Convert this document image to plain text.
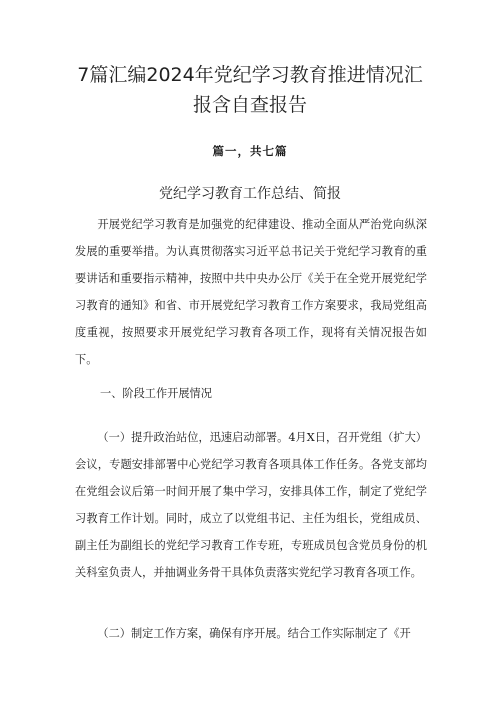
7篇汇编2024年党纪学习教育推进情况汇
报含自查报告
篇一，共七篇
党纪学习教育工作总结、简报

开展党纪学习教育是加强党的纪律建设、推动全面从严治党向纵深发展的重要举措。为认真贯彻落实习近平总书记关于党纪学习教育的重要讲话和重要指示精神，按照中共中央办公厅《关于在全党开展党纪学习教育的通知》和省、市开展党纪学习教育工作方案要求，我局党组高度重视，按照要求开展党纪学习教育各项工作，现将有关情况报告如下。

一、阶段工作开展情况

（一）提升政治站位，迅速启动部署。4月X日，召开党组（扩大）会议，专题安排部署中心党纪学习教育各项具体工作任务。各党支部均在党组会议后第一时间开展了集中学习，安排具体工作，制定了党纪学习教育工作计划。同时，成立了以党组书记、主任为组长，党组成员、副主任为副组长的党纪学习教育工作专班，专班成员包含党员身份的机关科室负责人，并抽调业务骨干具体负责落实党纪学习教育各项工作。

（二）制定工作方案，确保有序开展。结合工作实际制定了《开
